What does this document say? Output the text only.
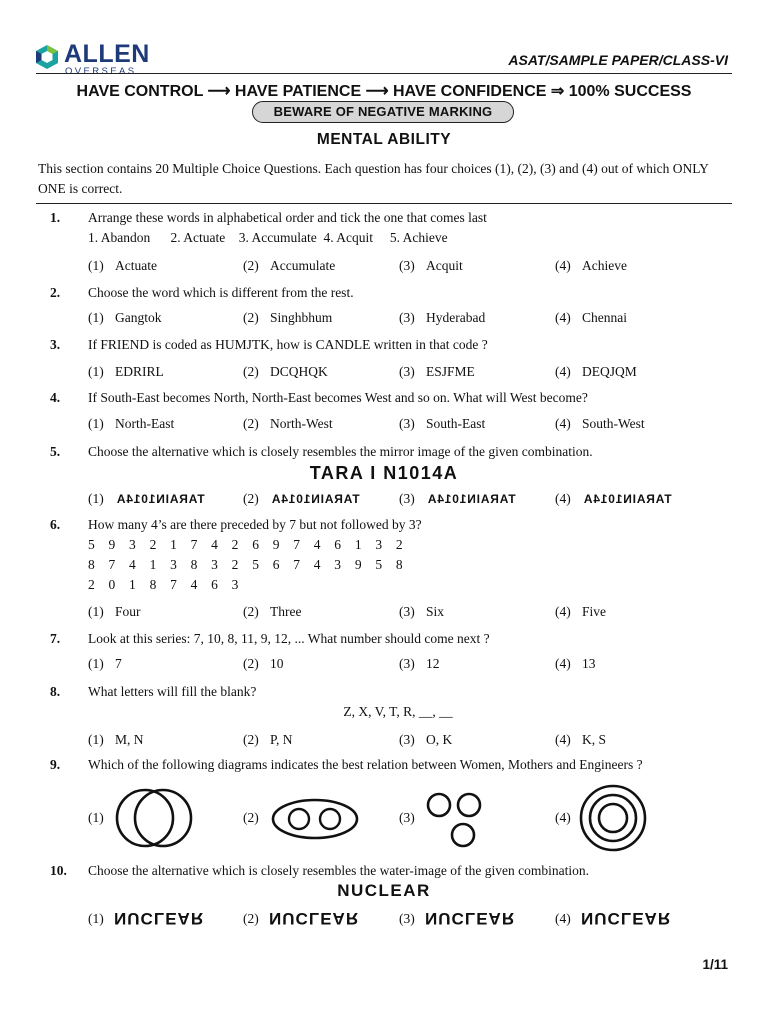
ALLEN
OVERSEAS
ASAT/SAMPLE PAPER/CLASS-VI
HAVE CONTROL ⟶ HAVE PATIENCE ⟶ HAVE CONFIDENCE ⇒ 100% SUCCESS
BEWARE OF NEGATIVE MARKING
MENTAL ABILITY
This section contains 20 Multiple Choice Questions. Each question has four choices (1), (2), (3) and (4) out of which ONLY ONE is correct.
1. Arrange these words in alphabetical order and tick the one that comes last
1. Abandon      2. Actuate    3. Accumulate  4. Acquit     5. Achieve
(1) Actuate	(2) Accumulate	(3) Acquit	(4) Achieve
2. Choose the word which is different from the rest.
(1) Gangtok	(2) Singhbhum	(3) Hyderabad	(4) Chennai
3. If FRIEND is coded as HUMJTK, how is CANDLE written in that code ?
(1) EDRIRL	(2) DCQHQK	(3) ESJFME	(4) DEQJQM
4. If South-East becomes North, North-East becomes West and so on. What will West become?
(1) North-East	(2) North-West	(3) South-East	(4) South-West
5. Choose the alternative which is closely resembles the mirror image of the given combination.
TARA I N1014A
(1) TARAIN1014A	(2) TARAIN1014A	(3) TARAIN1014A	(4) TARAIN1014A
6. How many 4’s are there preceded by 7 but not followed by 3?
5 9 3 2 1 7 4 2 6 9 7 4 6 1 3 2
8 7 4 1 3 8 3 2 5 6 7 4 3 9 5 8
2 0 1 8 7 4 6 3
(1) Four	(2) Three	(3) Six	(4) Five
7. Look at this series: 7, 10, 8, 11, 9, 12, ... What number should come next ?
(1) 7	(2) 10	(3) 12	(4) 13
8. What letters will fill the blank?
Z, X, V, T, R, __, __
(1) M, N	(2) P, N	(3) O, K	(4) K, S
9. Which of the following diagrams indicates the best relation between Women, Mothers and Engineers ?
(1)	(2)	(3)	(4)
10. Choose the alternative which is closely resembles the water-image of the given combination.
NUCLEAR
(1) NUCLEAR	(2) NUCLEAR	(3) NUCLEAR	(4) NUCLEAR
1/11
